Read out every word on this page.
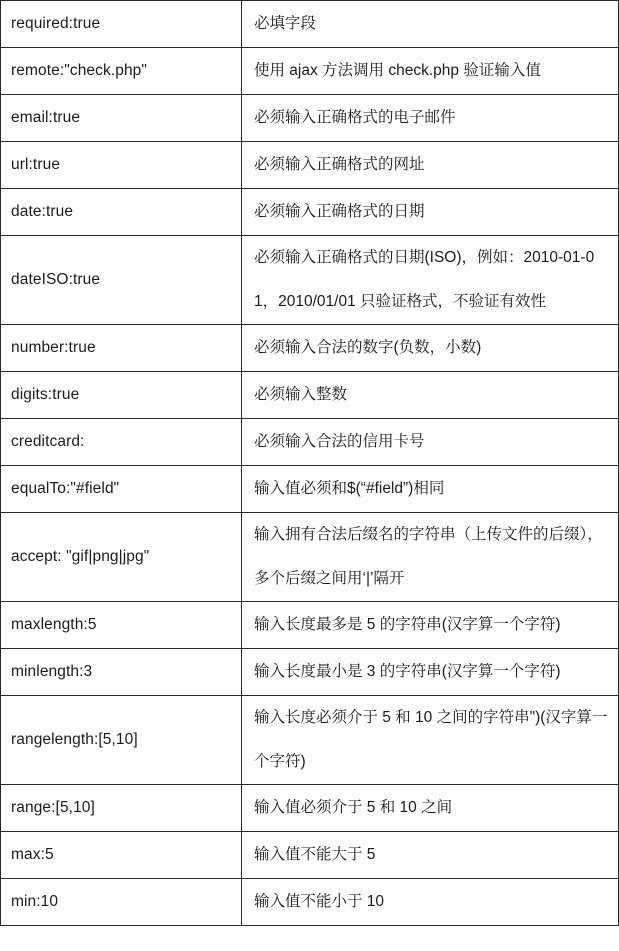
required:true	必填字段
remote:"check.php"	使用 ajax 方法调用 check.php 验证输入值
email:true	必须输入正确格式的电子邮件
url:true	必须输入正确格式的网址
date:true	必须输入正确格式的日期
dateISO:true	必须输入正确格式的日期(ISO)，例如：2010-01-01，2010/01/01 只验证格式，不验证有效性
number:true	必须输入合法的数字(负数，小数)
digits:true	必须输入整数
creditcard:	必须输入合法的信用卡号
equalTo:"#field"	输入值必须和$(“#field”)相同
accept: "gif|png|jpg"	输入拥有合法后缀名的字符串（上传文件的后缀），多个后缀之间用‘|’隔开
maxlength:5	输入长度最多是 5 的字符串(汉字算一个字符)
minlength:3	输入长度最小是 3 的字符串(汉字算一个字符)
rangelength:[5,10]	输入长度必须介于 5 和 10 之间的字符串")(汉字算一个字符)
range:[5,10]	输入值必须介于 5 和 10 之间
max:5	输入值不能大于 5
min:10	输入值不能小于 10
